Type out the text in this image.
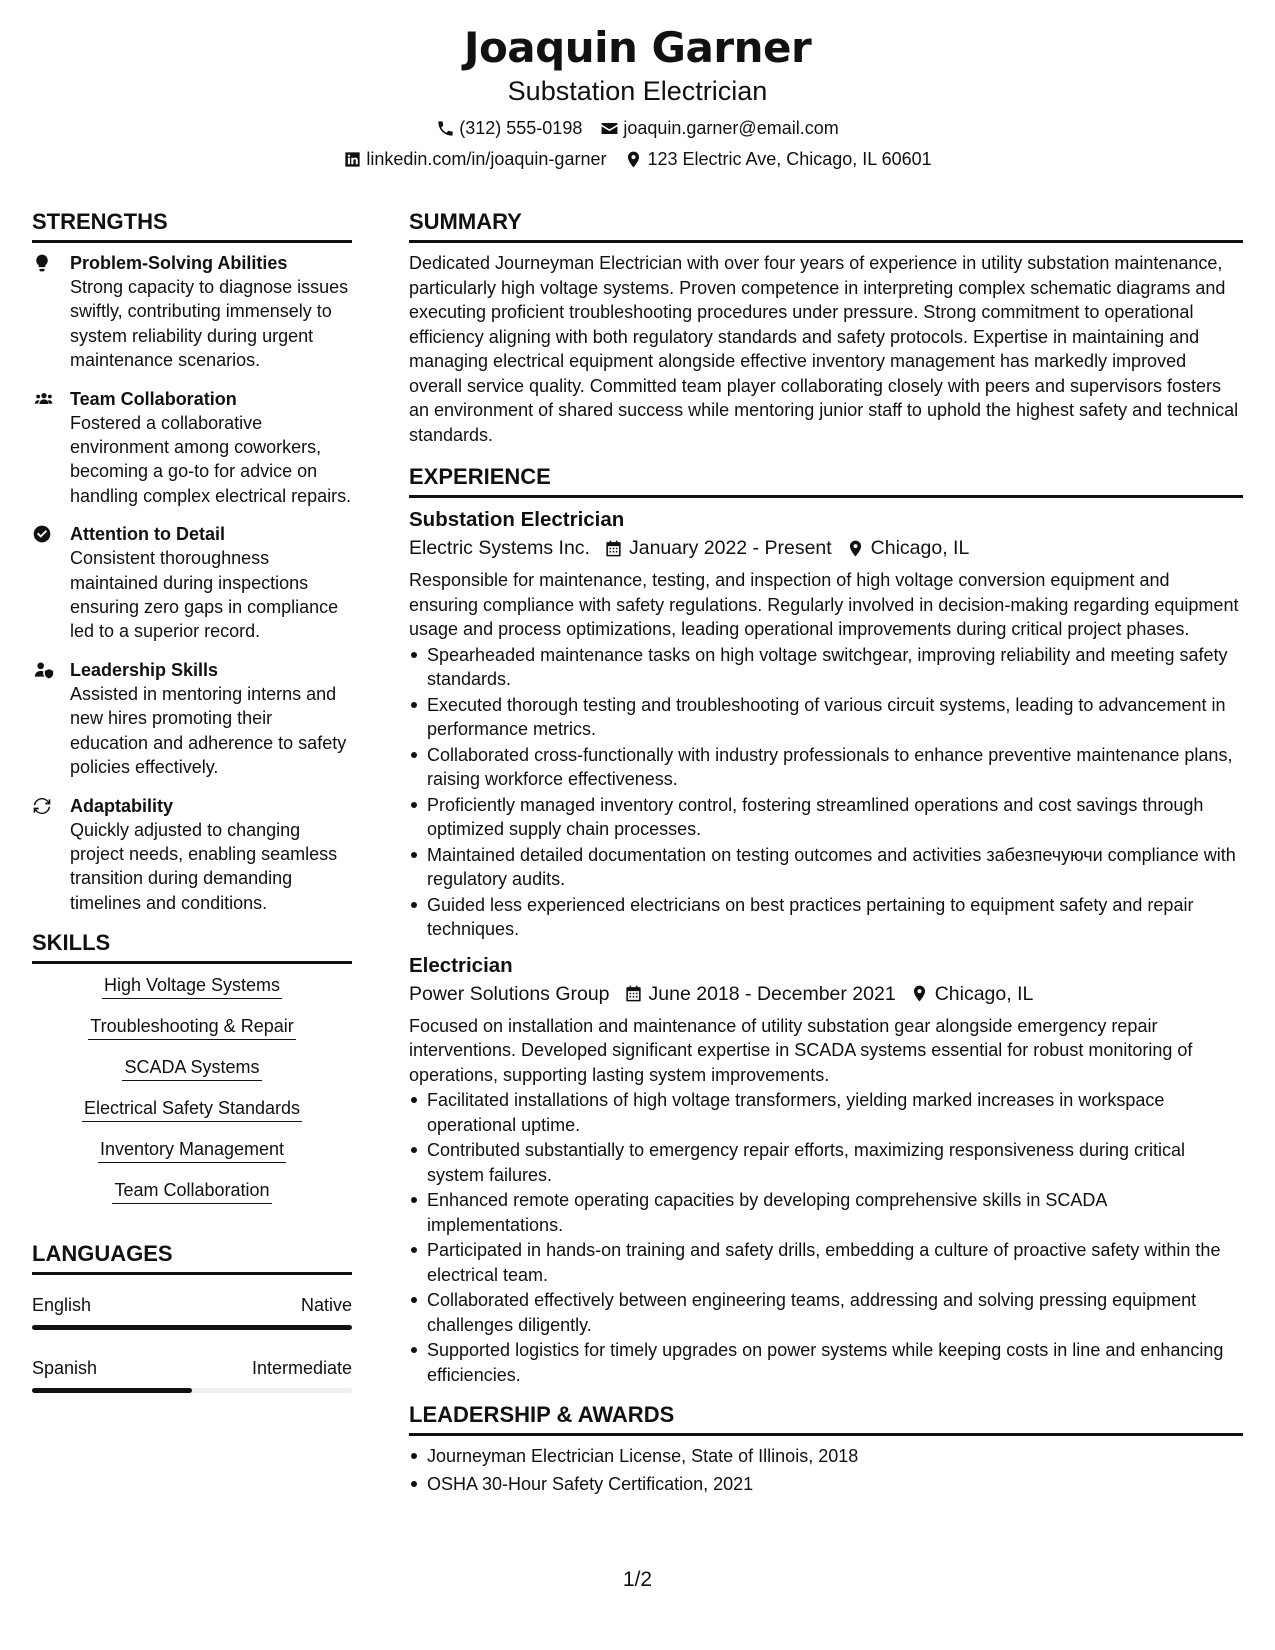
Joaquin Garner
Substation Electrician
(312) 555-0198 joaquin.garner@email.com
linkedin.com/in/joaquin-garner 123 Electric Ave, Chicago, IL 60601
STRENGTHS
Problem-Solving Abilities
Strong capacity to diagnose issues swiftly, contributing immensely to system reliability during urgent maintenance scenarios.
Team Collaboration
Fostered a collaborative environment among coworkers, becoming a go-to for advice on handling complex electrical repairs.
Attention to Detail
Consistent thoroughness maintained during inspections ensuring zero gaps in compliance led to a superior record.
Leadership Skills
Assisted in mentoring interns and new hires promoting their education and adherence to safety policies effectively.
Adaptability
Quickly adjusted to changing project needs, enabling seamless transition during demanding timelines and conditions.
SKILLS
High Voltage Systems
Troubleshooting & Repair
SCADA Systems
Electrical Safety Standards
Inventory Management
Team Collaboration
LANGUAGES
English	Native
Spanish	Intermediate
SUMMARY
Dedicated Journeyman Electrician with over four years of experience in utility substation maintenance, particularly high voltage systems. Proven competence in interpreting complex schematic diagrams and executing proficient troubleshooting procedures under pressure. Strong commitment to operational efficiency aligning with both regulatory standards and safety protocols. Expertise in maintaining and managing electrical equipment alongside effective inventory management has markedly improved overall service quality. Committed team player collaborating closely with peers and supervisors fosters an environment of shared success while mentoring junior staff to uphold the highest safety and technical standards.
EXPERIENCE
Substation Electrician
Electric Systems Inc. January 2022 - Present Chicago, IL
Responsible for maintenance, testing, and inspection of high voltage conversion equipment and ensuring compliance with safety regulations. Regularly involved in decision-making regarding equipment usage and process optimizations, leading operational improvements during critical project phases.
Spearheaded maintenance tasks on high voltage switchgear, improving reliability and meeting safety standards.
Executed thorough testing and troubleshooting of various circuit systems, leading to advancement in performance metrics.
Collaborated cross-functionally with industry professionals to enhance preventive maintenance plans, raising workforce effectiveness.
Proficiently managed inventory control, fostering streamlined operations and cost savings through optimized supply chain processes.
Maintained detailed documentation on testing outcomes and activities забезпечуючи compliance with regulatory audits.
Guided less experienced electricians on best practices pertaining to equipment safety and repair techniques.
Electrician
Power Solutions Group June 2018 - December 2021 Chicago, IL
Focused on installation and maintenance of utility substation gear alongside emergency repair interventions. Developed significant expertise in SCADA systems essential for robust monitoring of operations, supporting lasting system improvements.
Facilitated installations of high voltage transformers, yielding marked increases in workspace operational uptime.
Contributed substantially to emergency repair efforts, maximizing responsiveness during critical system failures.
Enhanced remote operating capacities by developing comprehensive skills in SCADA implementations.
Participated in hands-on training and safety drills, embedding a culture of proactive safety within the electrical team.
Collaborated effectively between engineering teams, addressing and solving pressing equipment challenges diligently.
Supported logistics for timely upgrades on power systems while keeping costs in line and enhancing efficiencies.
LEADERSHIP & AWARDS
Journeyman Electrician License, State of Illinois, 2018
OSHA 30-Hour Safety Certification, 2021
1/2
